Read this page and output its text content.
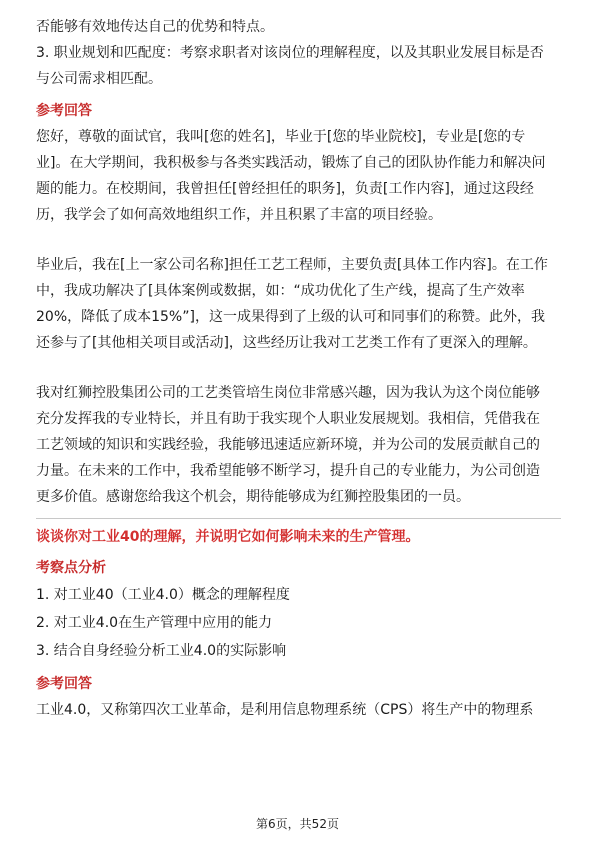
否能够有效地传达自己的优势和特点。

3. 职业规划和匹配度：考察求职者对该岗位的理解程度，以及其职业发展目标是否
与公司需求相匹配。

参考回答

您好，尊敬的面试官，我叫[您的姓名]，毕业于[您的毕业院校]，专业是[您的专
业]。在大学期间，我积极参与各类实践活动，锻炼了自己的团队协作能力和解决问
题的能力。在校期间，我曾担任[曾经担任的职务]，负责[工作内容]，通过这段经
历，我学会了如何高效地组织工作，并且积累了丰富的项目经验。

毕业后，我在[上一家公司名称]担任工艺工程师，主要负责[具体工作内容]。在工作
中，我成功解决了[具体案例或数据，如：“成功优化了生产线，提高了生产效率
20%，降低了成本15%”]，这一成果得到了上级的认可和同事们的称赞。此外，我
还参与了[其他相关项目或活动]，这些经历让我对工艺类工作有了更深入的理解。

我对红狮控股集团公司的工艺类管培生岗位非常感兴趣，因为我认为这个岗位能够
充分发挥我的专业特长，并且有助于我实现个人职业发展规划。我相信，凭借我在
工艺领域的知识和实践经验，我能够迅速适应新环境，并为公司的发展贡献自己的
力量。在未来的工作中，我希望能够不断学习，提升自己的专业能力，为公司创造
更多价值。感谢您给我这个机会，期待能够成为红狮控股集团的一员。

谈谈你对工业40的理解，并说明它如何影响未来的生产管理。

考察点分析

1. 对工业40（工业4.0）概念的理解程度

2. 对工业4.0在生产管理中应用的能力

3. 结合自身经验分析工业4.0的实际影响

参考回答

工业4.0，又称第四次工业革命，是利用信息物理系统（CPS）将生产中的物理系

第6页，共52页
